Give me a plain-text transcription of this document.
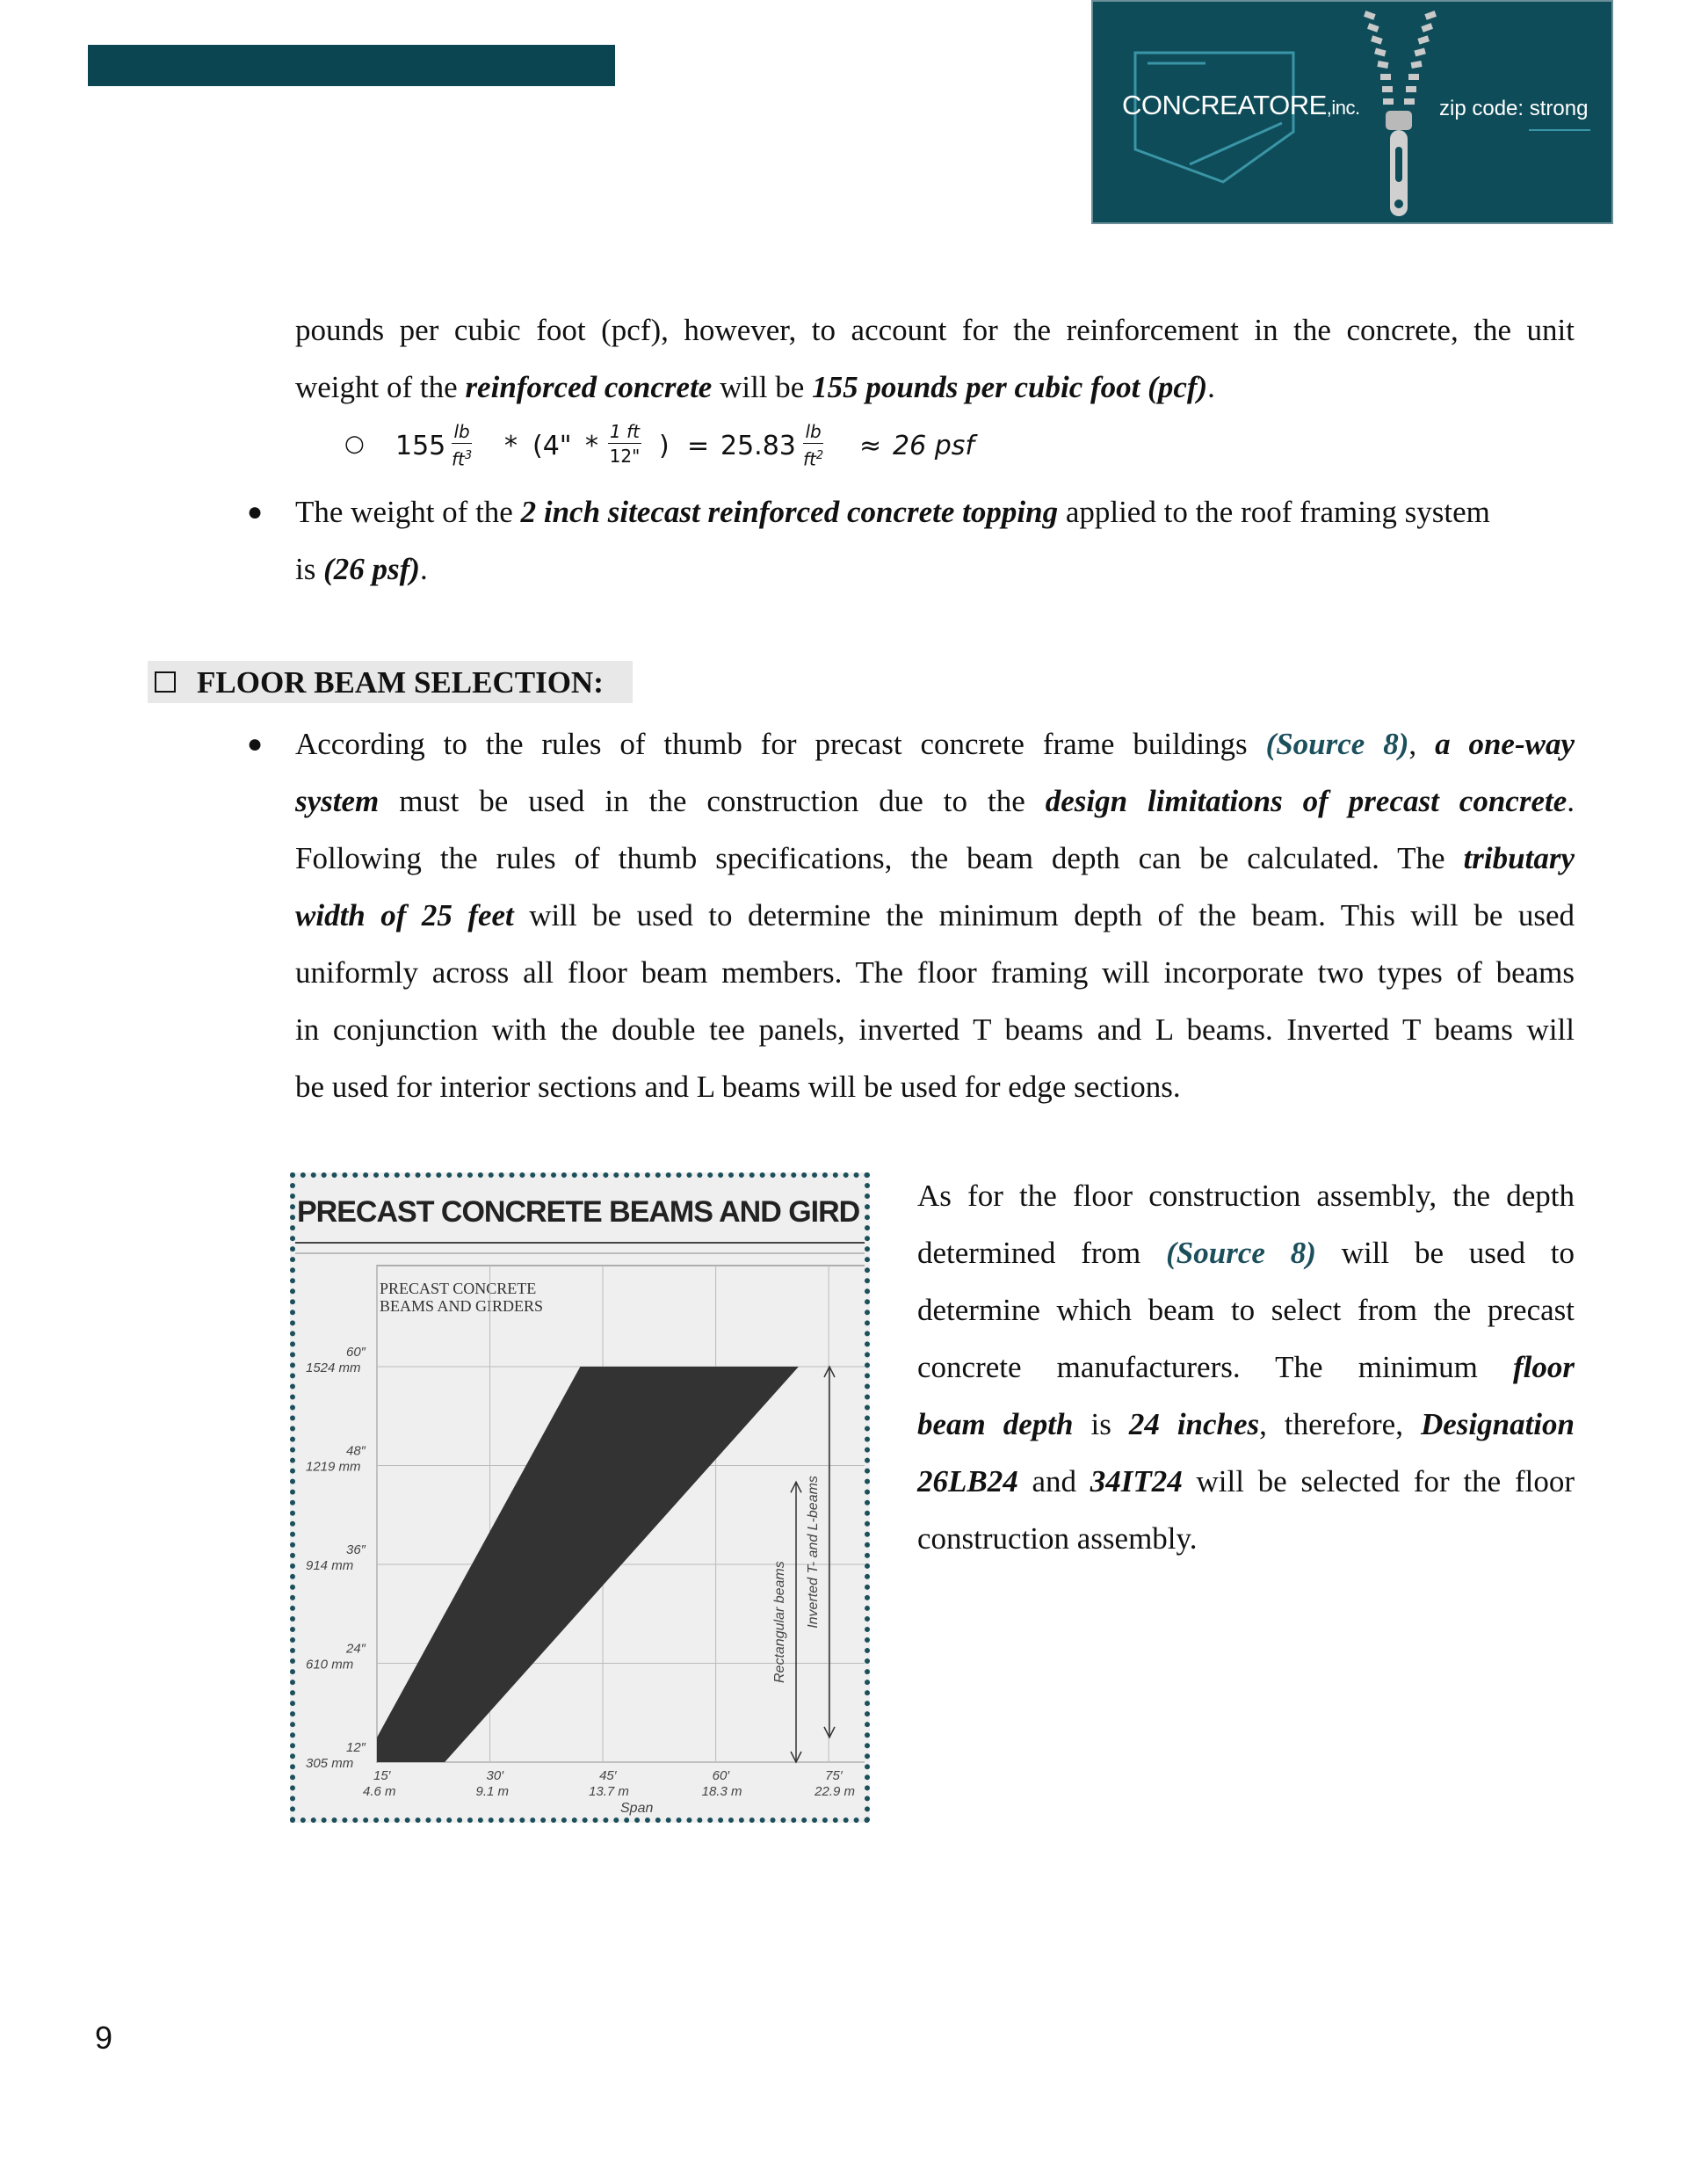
CONCREATORE,inc.	zip code: strong
pounds per cubic foot (pcf), however, to account for the reinforcement in the concrete, the unit
weight of the reinforced concrete will be 155 pounds per cubic foot (pcf).
○ $155 \frac{lb}{ft^3} * (4$" * $\frac{1 ft}{12"}$ ) = $25.83 \frac{lb}{ft^2} \approx 26$ psf
● The weight of the 2 inch sitecast reinforced concrete topping applied to the roof framing system
is (26 psf).
FLOOR BEAM SELECTION:
● According to the rules of thumb for precast concrete frame buildings (Source 8), a one-way
system must be used in the construction due to the design limitations of precast concrete.
Following the rules of thumb specifications, the beam depth can be calculated. The tributary
width of 25 feet will be used to determine the minimum depth of the beam. This will be used
uniformly across all floor beam members. The floor framing will incorporate two types of beams
in conjunction with the double tee panels, inverted T beams and L beams. Inverted T beams will
be used for interior sections and L beams will be used for edge sections.
PRECAST CONCRETE BEAMS AND GIRD
PRECAST CONCRETE
BEAMS AND GIRDERS
15′
4.6 m
30′
9.1 m
45′
13.7 m
60′
18.3 m
75′
22.9 m
12″
305 mm
24″
610 mm
36″
914 mm
48″
1219 mm
60″
1524 mm
Rectangular beams Inverted T- and L-beams
Span
As for the floor construction assembly, the depth
determined from (Source 8) will be used to
determine which beam to select from the precast
concrete manufacturers. The minimum floor
beam depth is 24 inches, therefore, Designation
26LB24 and 34IT24 will be selected for the floor
construction assembly.
9
